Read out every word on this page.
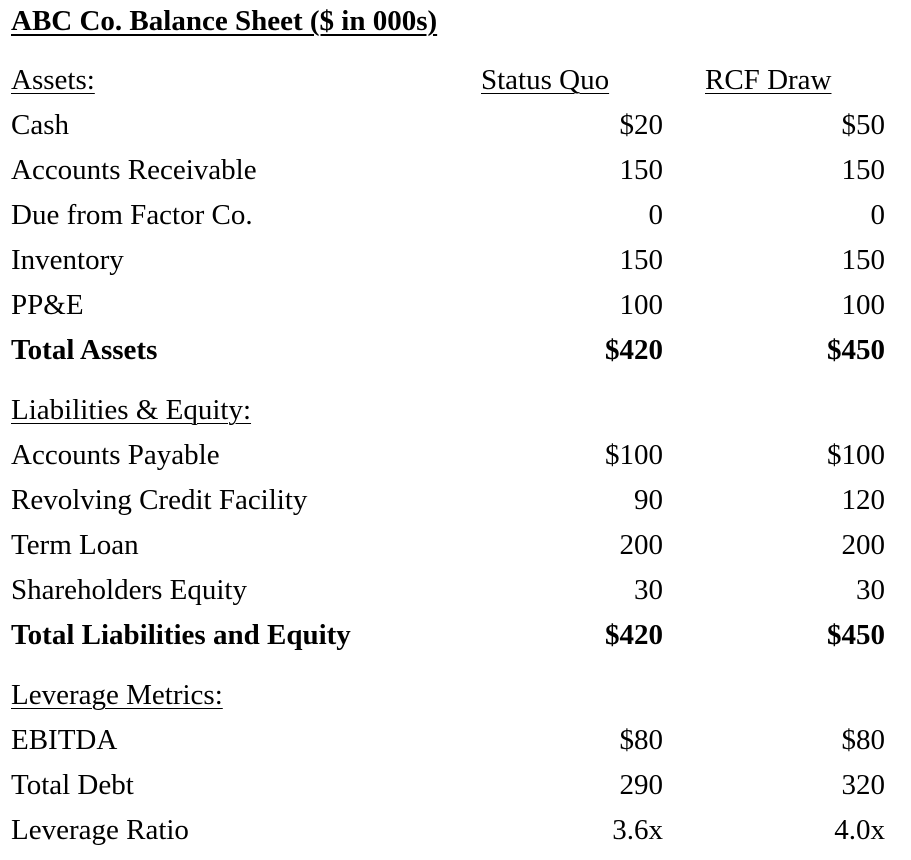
ABC Co. Balance Sheet ($ in 000s)
Assets:	Status Quo	RCF Draw
Cash	$20	$50
Accounts Receivable	150	150
Due from Factor Co.	0	0
Inventory	150	150
PP&E	100	100
Total Assets	$420	$450
Liabilities & Equity:
Accounts Payable	$100	$100
Revolving Credit Facility	90	120
Term Loan	200	200
Shareholders Equity	30	30
Total Liabilities and Equity	$420	$450
Leverage Metrics:
EBITDA	$80	$80
Total Debt	290	320
Leverage Ratio	3.6x	4.0x
